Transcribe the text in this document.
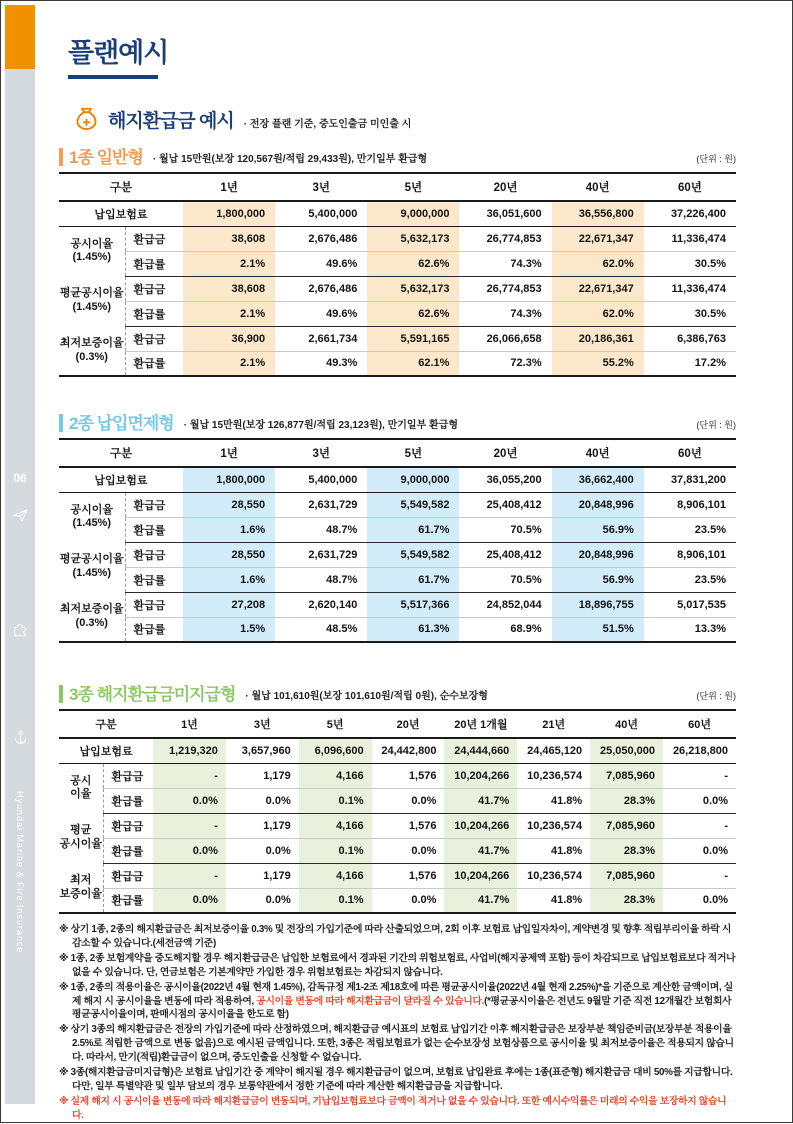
06
Hyundai Marine & Fire Insurance
플랜예시
해지환급금 예시 · 전장 플랜 기준, 중도인출금 미인출 시
1종 일반형 · 월납 15만원(보장 120,567원/적립 29,433원), 만기일부 환급형	(단위 : 원)
구분		1년	3년	5년	20년	40년	60년
납입보험료		1,800,000	5,400,000	9,000,000	36,051,600	36,556,800	37,226,400

공시이율
(1.45%)	환급금	38,608	2,676,486	5,632,173	26,774,853	22,671,347	11,336,474
	환급률	2.1%	49.6%	62.6%	74.3%	62.0%	30.5%

평균공시이율
(1.45%)	환급금	38,608	2,676,486	5,632,173	26,774,853	22,671,347	11,336,474
	환급률	2.1%	49.6%	62.6%	74.3%	62.0%	30.5%

최저보증이율
(0.3%)	환급금	36,900	2,661,734	5,591,165	26,066,658	20,186,361	6,386,763
	환급률	2.1%	49.3%	62.1%	72.3%	55.2%	17.2%
2종 납입면제형 · 월납 15만원(보장 126,877원/적립 23,123원), 만기일부 환급형	(단위 : 원)
구분		1년	3년	5년	20년	40년	60년
납입보험료		1,800,000	5,400,000	9,000,000	36,055,200	36,662,400	37,831,200

공시이율
(1.45%)	환급금	28,550	2,631,729	5,549,582	25,408,412	20,848,996	8,906,101
	환급률	1.6%	48.7%	61.7%	70.5%	56.9%	23.5%

평균공시이율
(1.45%)	환급금	28,550	2,631,729	5,549,582	25,408,412	20,848,996	8,906,101
	환급률	1.6%	48.7%	61.7%	70.5%	56.9%	23.5%

최저보증이율
(0.3%)	환급금	27,208	2,620,140	5,517,366	24,852,044	18,896,755	5,017,535
	환급률	1.5%	48.5%	61.3%	68.9%	51.5%	13.3%
3종 해지환급금미지급형 · 월납 101,610원(보장 101,610원/적립 0원), 순수보장형	(단위 : 원)
구분		1년	3년	5년	20년	20년 1개월	21년	40년	60년
납입보험료		1,219,320	3,657,960	6,096,600	24,442,800	24,444,660	24,465,120	25,050,000	26,218,800

공시
이율	환급금	-	1,179	4,166	1,576	10,204,266	10,236,574	7,085,960	-
	환급률	0.0%	0.0%	0.1%	0.0%	41.7%	41.8%	28.3%	0.0%

평균
공시이율	환급금	-	1,179	4,166	1,576	10,204,266	10,236,574	7,085,960	-
	환급률	0.0%	0.0%	0.1%	0.0%	41.7%	41.8%	28.3%	0.0%

최저
보증이율	환급금	-	1,179	4,166	1,576	10,204,266	10,236,574	7,085,960	-
	환급률	0.0%	0.0%	0.1%	0.0%	41.7%	41.8%	28.3%	0.0%

※ 상기 1종, 2종의 해지환급금은 최저보증이율 0.3% 및 전장의 가입기준에 따라 산출되었으며, 2회 이후 보험료 납입일자차이, 계약변경 및 향후 적립부리이율 하락 시 감소할 수 있습니다.(세전금액 기준)

※ 1종, 2종 보험계약을 중도해지할 경우 해지환급금은 납입한 보험료에서 경과된 기간의 위험보험료, 사업비(해지공제액 포함) 등이 차감되므로 납입보험료보다 적거나 없을 수 있습니다. 단, 연금보험은 기본계약만 가입한 경우 위험보험료는 차감되지 않습니다.

※ 1종, 2종의 적용이율은 공시이율(2022년 4월 현재 1.45%), 감독규정 제1-2조 제18호에 따른 평균공시이율(2022년 4월 현재 2.25%)*을 기준으로 계산한 금액이며, 실제 해지 시 공시이율을 변동에 따라 적용하여, 공시이율 변동에 따라 해지환급금이 달라질 수 있습니다.(*평균공시이율은 전년도 9월말 기준 직전 12개월간 보험회사 평균공시이율이며, 판매시점의 공시이율을 한도로 함)

※ 상기 3종의 해지환급금은 전장의 가입기준에 따라 산정하였으며, 해지환급금 예시표의 보험료 납입기간 이후 해지환급금은 보장부분 책임준비금(보장부분 적용이율 2.5%로 적립한 금액으로 변동 없음)으로 예시된 금액입니다. 또한, 3종은 적립보험료가 없는 순수보장성 보험상품으로 공시이율 및 최저보증이율은 적용되지 않습니다. 따라서, 만기(적립)환급금이 없으며, 중도인출을 신청할 수 없습니다.

※ 3종(해지환급금미지급형)은 보험료 납입기간 중 계약이 해지될 경우 해지환급금이 없으며, 보험료 납입완료 후에는 1종(표준형) 해지환급금 대비 50%를 지급합니다. 다만, 일부 특별약관 및 일부 담보의 경우 보통약관에서 정한 기준에 따라 계산한 해지환급금을 지급합니다.

※ 실제 해지 시 공시이율 변동에 따라 해지환급금이 변동되며, 기납입보험료보다 금액이 적거나 없을 수 있습니다. 또한 예시수익률은 미래의 수익을 보장하지 않습니다.
